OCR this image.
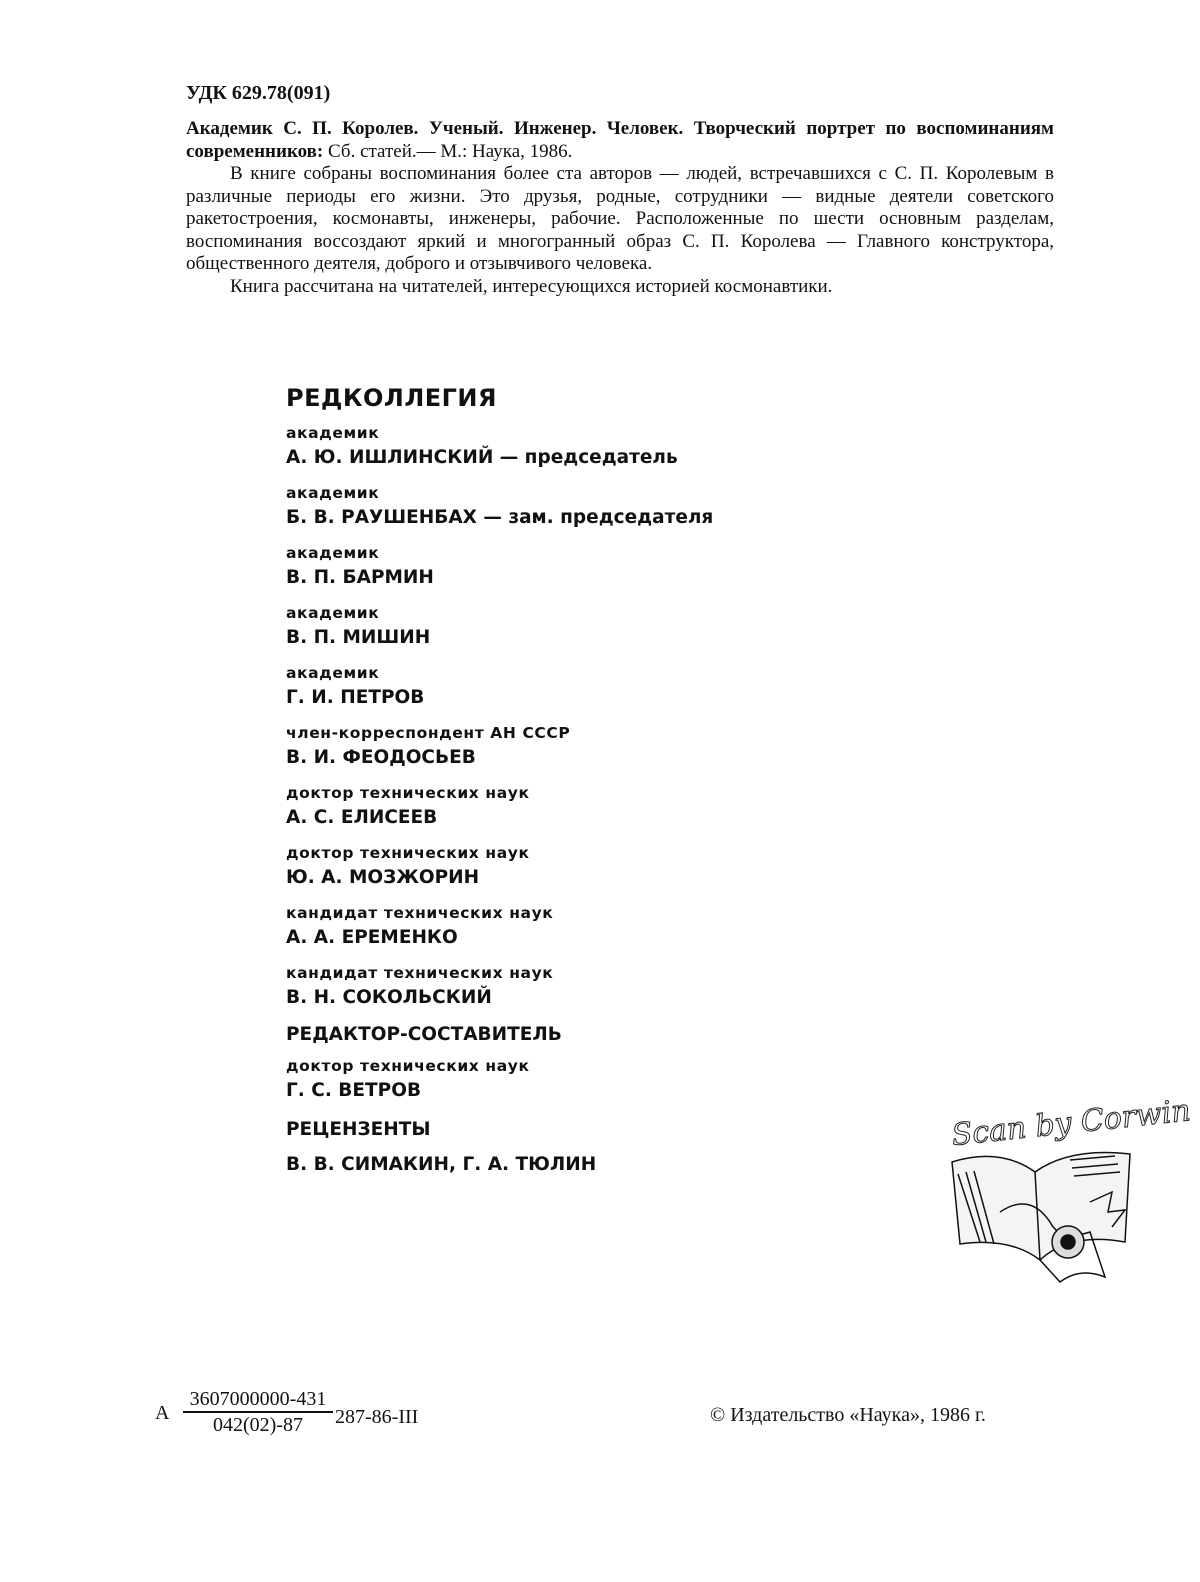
УДК 629.78(091)

Академик С. П. Королев. Ученый. Инженер. Человек. Творческий портрет по воспоминаниям современников: Сб. статей.— М.: Наука, 1986.

В книге собраны воспоминания более ста авторов — людей, встречавшихся с С. П. Королевым в различные периоды его жизни. Это друзья, родные, сотрудники — видные деятели советского ракетостроения, космонавты, инженеры, рабочие. Расположенные по шести основным разделам, воспоминания воссоздают яркий и многогранный образ С. П. Королева — Главного конструктора, общественного деятеля, доброго и отзывчивого человека.

Книга рассчитана на читателей, интересующихся историей космонавтики.

РЕДКОЛЛЕГИЯ
академик
А. Ю. ИШЛИНСКИЙ — председатель
академик
Б. В. РАУШЕНБАХ — зам. председателя
академик
В. П. БАРМИН
академик
В. П. МИШИН
академик
Г. И. ПЕТРОВ
член-корреспондент АН СССР
В. И. ФЕОДОСЬЕВ
доктор технических наук
А. С. ЕЛИСЕЕВ
доктор технических наук
Ю. А. МОЗЖОРИН
кандидат технических наук
А. А. ЕРЕМЕНКО
кандидат технических наук
В. Н. СОКОЛЬСКИЙ
РЕДАКТОР-СОСТАВИТЕЛЬ
доктор технических наук
Г. С. ВЕТРОВ
РЕЦЕНЗЕНТЫ
В. В. СИМАКИН, Г. А. ТЮЛИН
Scan by Corwin
А $\frac{3607000000-431}{042(02)-87} 287-86-III$	© Издательство «Наука», 1986 г.
